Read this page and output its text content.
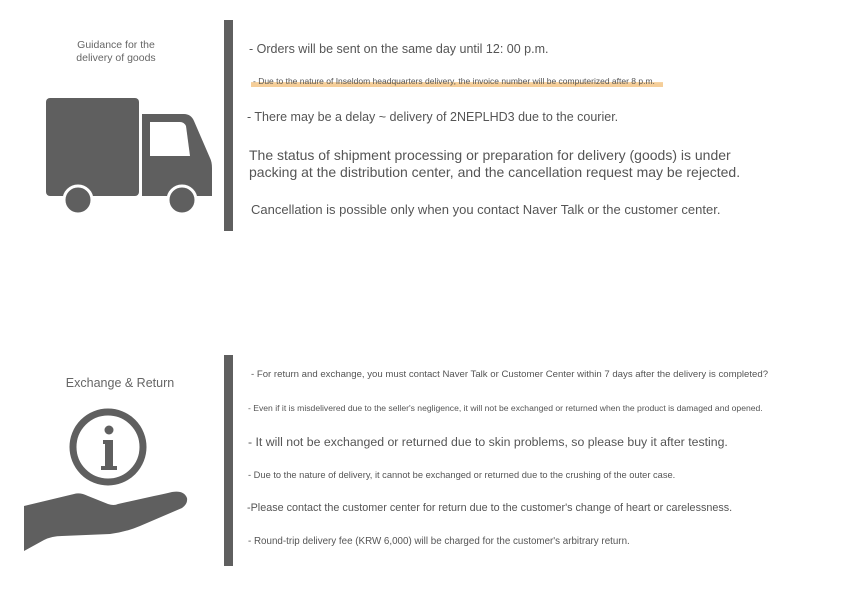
Guidance for the
delivery of goods
- Orders will be sent on the same day until 12: 00 p.m.
- Due to the nature of Inseldom headquarters delivery, the invoice number will be computerized after 8 p.m.
- There may be a delay ~ delivery of 2NEPLHD3 due to the courier.
The status of shipment processing or preparation for delivery (goods) is under
packing at the distribution center, and the cancellation request may be rejected.
Cancellation is possible only when you contact Naver Talk or the customer center.
Exchange & Return
- For return and exchange, you must contact Naver Talk or Customer Center within 7 days after the delivery is completed?
- Even if it is misdelivered due to the seller's negligence, it will not be exchanged or returned when the product is damaged and opened.
- It will not be exchanged or returned due to skin problems, so please buy it after testing.
- Due to the nature of delivery, it cannot be exchanged or returned due to the crushing of the outer case.
-Please contact the customer center for return due to the customer's change of heart or carelessness.
- Round-trip delivery fee (KRW 6,000) will be charged for the customer's arbitrary return.
